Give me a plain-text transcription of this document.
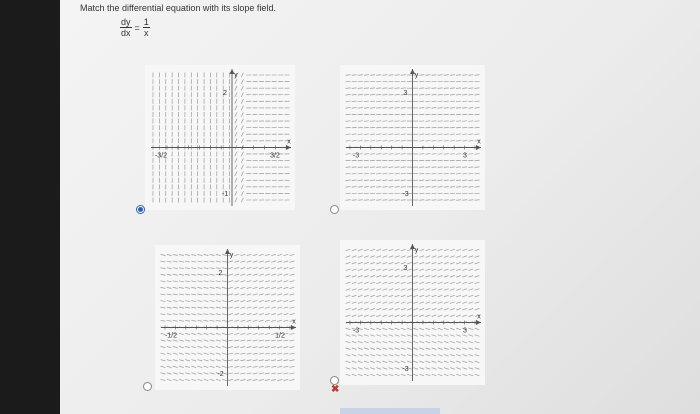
Match the differential equation with its slope field.
$\frac{dy}{dx} = \frac{1}{x}$
y
x
2
-1
-3/2	3/2
y
x
3
-3
-3	3
y
x
2
-2
-1/2	1/2
y
x
3
-3
-3	3
✖
